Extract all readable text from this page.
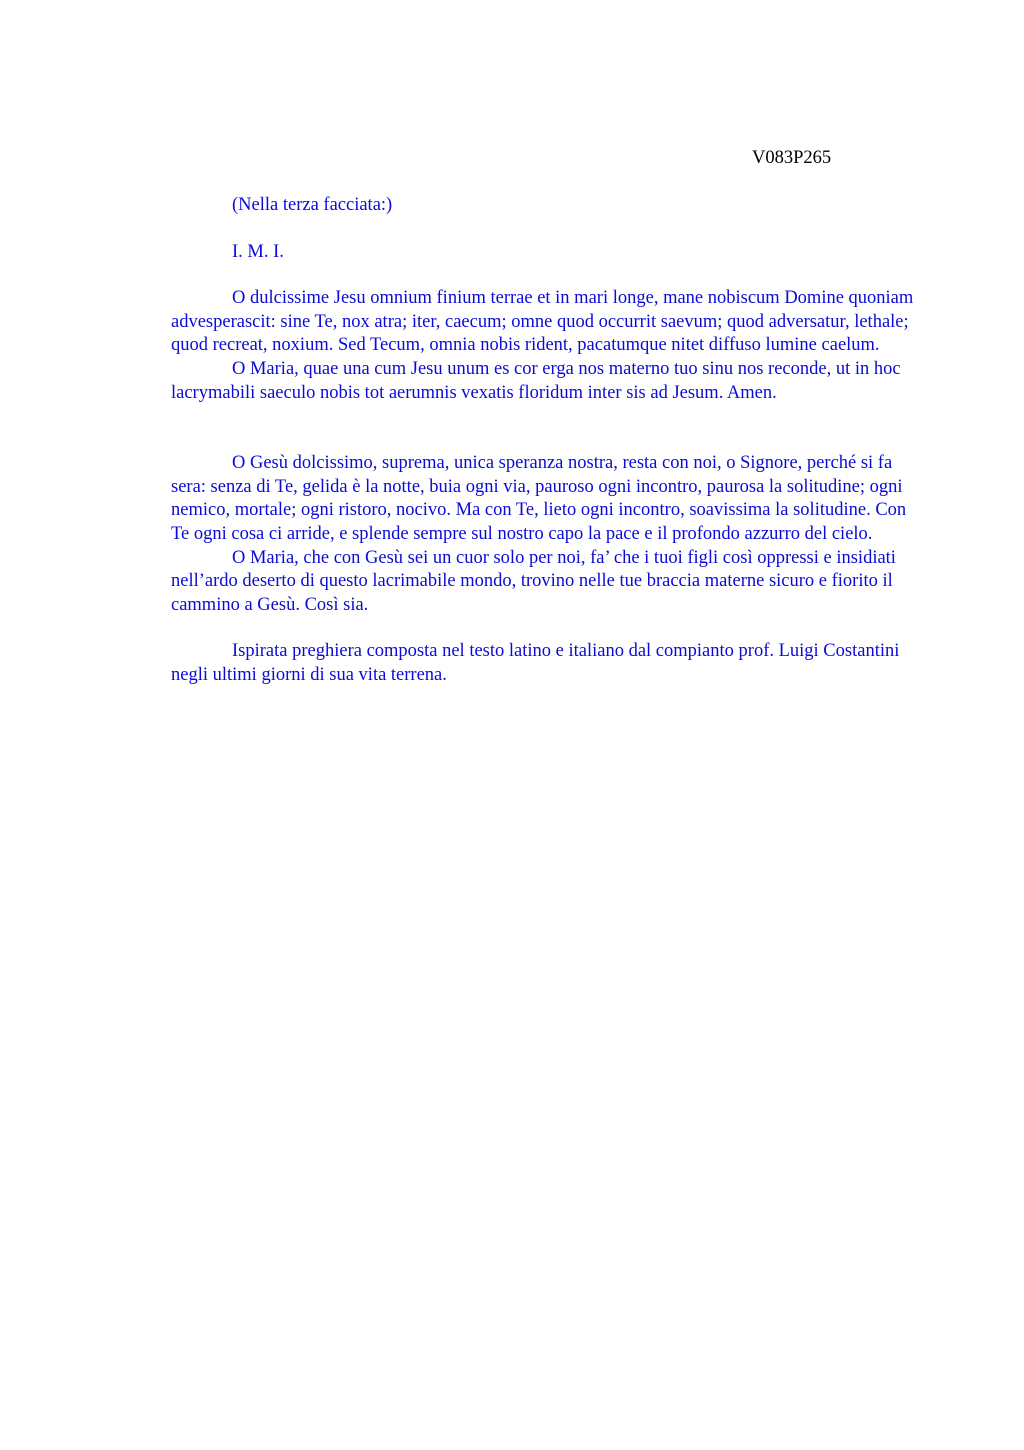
V083P265

(Nella terza facciata:)

I. M. I.

O dulcissime Jesu omnium finium terrae et in mari longe, mane nobiscum Domine quoniam advesperascit: sine Te, nox atra; iter, caecum; omne quod occurrit saevum; quod adversatur, lethale; quod recreat, noxium. Sed Tecum, omnia nobis rident, pacatumque nitet diffuso lumine caelum.

O Maria, quae una cum Jesu unum es cor erga nos materno tuo sinu nos reconde, ut in hoc lacrymabili saeculo nobis tot aerumnis vexatis floridum inter sis ad Jesum. Amen.

O Gesù dolcissimo, suprema, unica speranza nostra, resta con noi, o Signore, perché si fa sera: senza di Te, gelida è la notte, buia ogni via, pauroso ogni incontro, paurosa la solitudine; ogni nemico, mortale; ogni ristoro, nocivo. Ma con Te, lieto ogni incontro, soavissima la solitudine. Con Te ogni cosa ci arride, e splende sempre sul nostro capo la pace e il profondo azzurro del cielo.

O Maria, che con Gesù sei un cuor solo per noi, fa’ che i tuoi figli così oppressi e insidiati nell’ardo deserto di questo lacrimabile mondo, trovino nelle tue braccia materne sicuro e fiorito il cammino a Gesù. Così sia.

Ispirata preghiera composta nel testo latino e italiano dal compianto prof. Luigi Costantini negli ultimi giorni di sua vita terrena.
